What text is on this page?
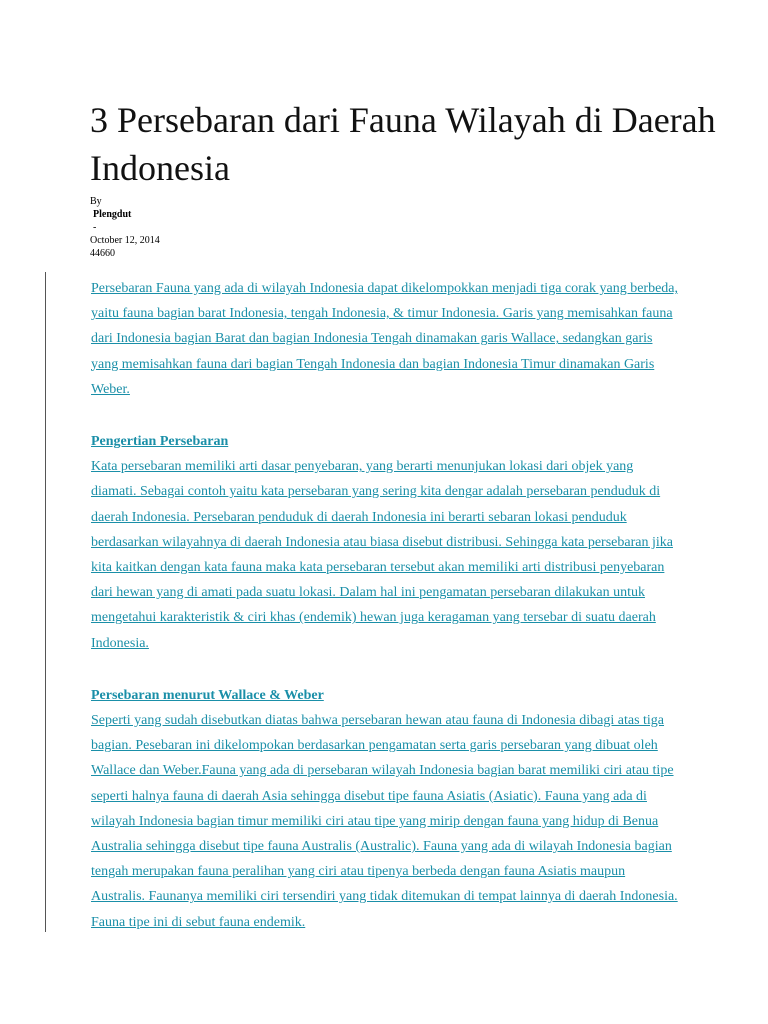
3 Persebaran dari Fauna Wilayah di Daerah Indonesia
By
Plengdut
-
October 12, 2014
44660

Persebaran Fauna yang ada di wilayah Indonesia dapat dikelompokkan menjadi tiga corak yang berbeda, yaitu fauna bagian barat Indonesia, tengah Indonesia, & timur Indonesia. Garis yang memisahkan fauna dari Indonesia bagian Barat dan bagian Indonesia Tengah dinamakan garis Wallace, sedangkan garis yang memisahkan fauna dari bagian Tengah Indonesia dan bagian Indonesia Timur dinamakan Garis Weber.

Pengertian Persebaran

Kata persebaran memiliki arti dasar penyebaran, yang berarti menunjukan lokasi dari objek yang diamati. Sebagai contoh yaitu kata persebaran yang sering kita dengar adalah persebaran penduduk di daerah Indonesia. Persebaran penduduk di daerah Indonesia ini berarti sebaran lokasi penduduk berdasarkan wilayahnya di daerah Indonesia atau biasa disebut distribusi. Sehingga kata persebaran jika kita kaitkan dengan kata fauna maka kata persebaran tersebut akan memiliki arti distribusi penyebaran dari hewan yang di amati pada suatu lokasi. Dalam hal ini pengamatan persebaran dilakukan untuk mengetahui karakteristik & ciri khas (endemik) hewan juga keragaman yang tersebar di suatu daerah Indonesia.

Persebaran menurut Wallace & Weber

Seperti yang sudah disebutkan diatas bahwa persebaran hewan atau fauna di Indonesia dibagi atas tiga bagian. Pesebaran ini dikelompokan berdasarkan pengamatan serta garis persebaran yang dibuat oleh Wallace dan Weber.Fauna yang ada di persebaran wilayah Indonesia bagian barat memiliki ciri atau tipe seperti halnya fauna di daerah Asia sehingga disebut tipe fauna Asiatis (Asiatic). Fauna yang ada di wilayah Indonesia bagian timur memiliki ciri atau tipe yang mirip dengan fauna yang hidup di Benua Australia sehingga disebut tipe fauna Australis (Australic). Fauna yang ada di wilayah Indonesia bagian tengah merupakan fauna peralihan yang ciri atau tipenya berbeda dengan fauna Asiatis maupun Australis. Faunanya memiliki ciri tersendiri yang tidak ditemukan di tempat lainnya di daerah Indonesia. Fauna tipe ini di sebut fauna endemik.
